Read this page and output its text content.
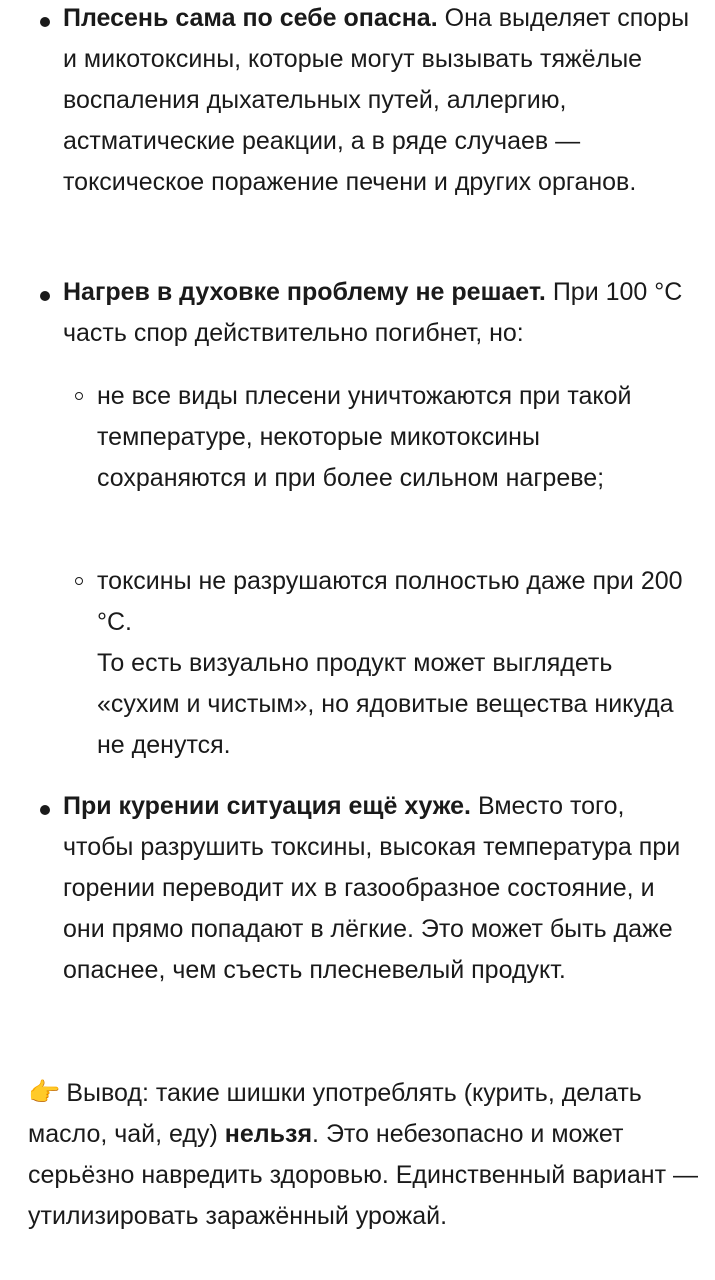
Плесень сама по себе опасна. Она выделяет споры и микотоксины, которые могут вызывать тяжёлые воспаления дыхательных путей, аллергию, астматические реакции, а в ряде случаев — токсическое поражение печени и других органов.
Нагрев в духовке проблему не решает. При 100 °C часть спор действительно погибнет, но:
не все виды плесени уничтожаются при такой температуре, некоторые микотоксины сохраняются и при более сильном нагреве;
токсины не разрушаются полностью даже при 200 °C.
То есть визуально продукт может выглядеть «сухим и чистым», но ядовитые вещества никуда не денутся.
При курении ситуация ещё хуже. Вместо того, чтобы разрушить токсины, высокая температура при горении переводит их в газообразное состояние, и они прямо попадают в лёгкие. Это может быть даже опаснее, чем съесть плесневелый продукт.
👉 Вывод: такие шишки употреблять (курить, делать масло, чай, еду) нельзя. Это небезопасно и может серьёзно навредить здоровью. Единственный вариант — утилизировать заражённый урожай.
